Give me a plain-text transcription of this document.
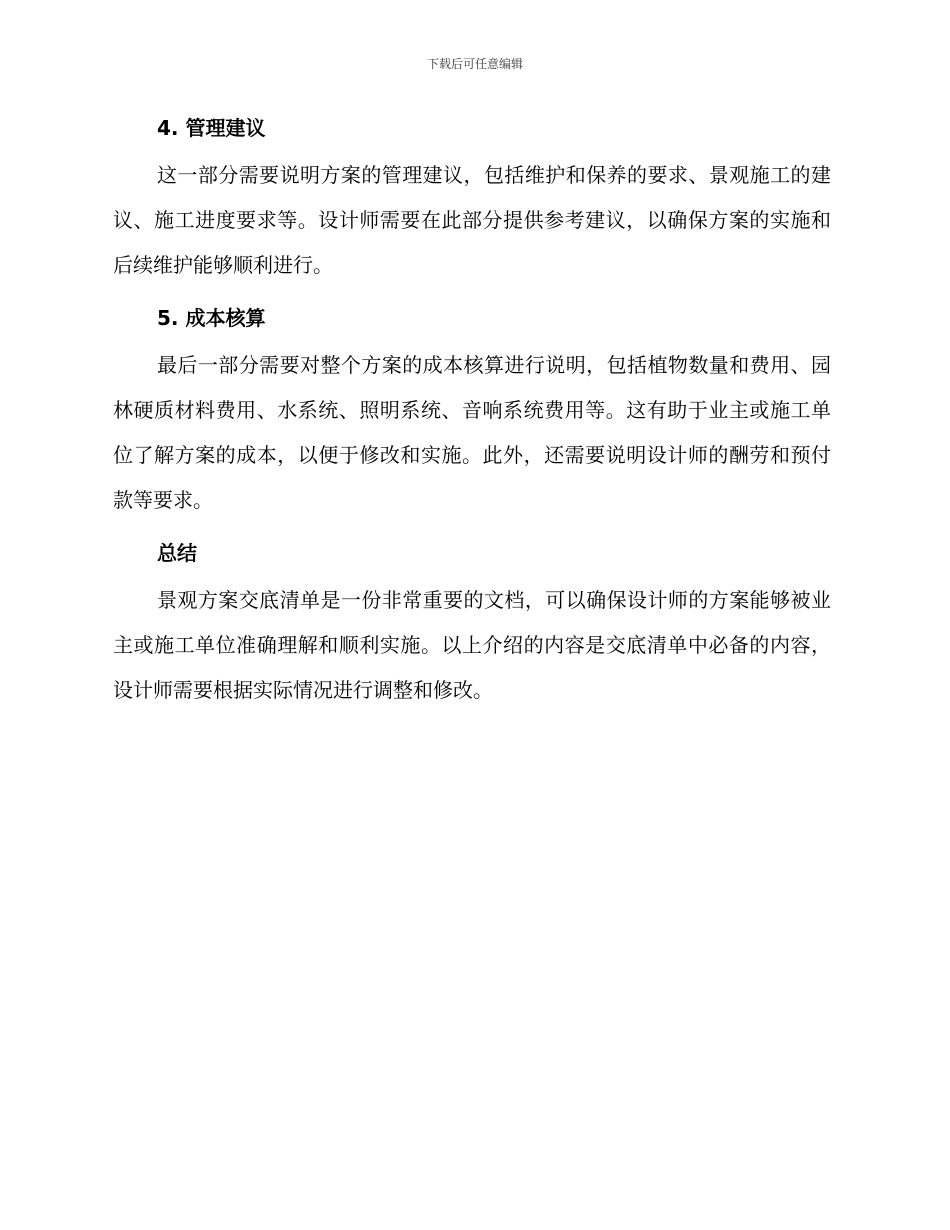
下载后可任意编辑
4. 管理建议

这一部分需要说明方案的管理建议，包括维护和保养的要求、景观施工的建议、施工进度要求等。设计师需要在此部分提供参考建议，以确保方案的实施和后续维护能够顺利进行。

5. 成本核算

最后一部分需要对整个方案的成本核算进行说明，包括植物数量和费用、园林硬质材料费用、水系统、照明系统、音响系统费用等。这有助于业主或施工单位了解方案的成本，以便于修改和实施。此外，还需要说明设计师的酬劳和预付款等要求。

总结

景观方案交底清单是一份非常重要的文档，可以确保设计师的方案能够被业主或施工单位准确理解和顺利实施。以上介绍的内容是交底清单中必备的内容，设计师需要根据实际情况进行调整和修改。
